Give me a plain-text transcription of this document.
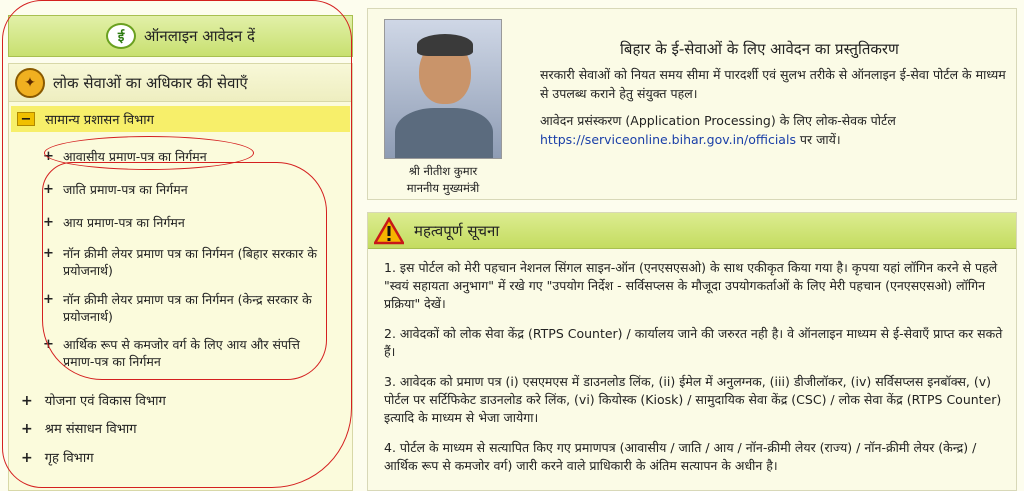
ई	ऑनलाइन आवेदन दें
✦	लोक सेवाओं का अधिकार की सेवाएँ
− सामान्य प्रशासन विभाग
+ आवासीय प्रमाण-पत्र का निर्गमन
+ जाति प्रमाण-पत्र का निर्गमन
+ आय प्रमाण-पत्र का निर्गमन
+ नॉन क्रीमी लेयर प्रमाण पत्र का निर्गमन (बिहार सरकार के प्रयोजनार्थ)
+ नॉन क्रीमी लेयर प्रमाण पत्र का निर्गमन (केन्द्र सरकार के प्रयोजनार्थ)
+ आर्थिक रूप से कमजोर वर्ग के लिए आय और संपत्ति प्रमाण-पत्र का निर्गमन
+ योजना एवं विकास विभाग
+ श्रम संसाधन विभाग
+ गृह विभाग
श्री नीतीश कुमार
माननीय मुख्यमंत्री
बिहार के ई-सेवाओं के लिए आवेदन का प्रस्तुतिकरण

सरकारी सेवाओं को नियत समय सीमा में पारदर्शी एवं सुलभ तरीके से ऑनलाइन ई-सेवा पोर्टल के माध्यम से उपलब्ध कराने हेतु संयुक्त पहल।

आवेदन प्रसंस्करण (Application Processing) के लिए लोक-सेवक पोर्टल
https://serviceonline.bihar.gov.in/officials पर जायें।

महत्वपूर्ण सूचना
1. इस पोर्टल को मेरी पहचान नेशनल सिंगल साइन-ऑन (एनएसएसओ) के साथ एकीकृत किया गया है। कृपया यहां लॉगिन करने से पहले "स्वयं सहायता अनुभाग" में रखे गए "उपयोग निर्देश - सर्विसप्लस के मौजूदा उपयोगकर्ताओं के लिए मेरी पहचान (एनएसएसओ) लॉगिन प्रक्रिया" देखें।
2. आवेदकों को लोक सेवा केंद्र (RTPS Counter) / कार्यालय जाने की जरुरत नही है। वे ऑनलाइन माध्यम से ई-सेवाएँ प्राप्त कर सकते हैं।
3. आवेदक को प्रमाण पत्र (i) एसएमएस में डाउनलोड लिंक, (ii) ईमेल में अनुलग्नक, (iii) डीजीलॉकर, (iv) सर्विसप्लस इनबॉक्स, (v) पोर्टल पर सर्टिफिकेट डाउनलोड करे लिंक, (vi) कियोस्क (Kiosk) / सामुदायिक सेवा केंद्र (CSC) / लोक सेवा केंद्र (RTPS Counter) इत्यादि के माध्यम से भेजा जायेगा।
4. पोर्टल के माध्यम से सत्यापित किए गए प्रमाणपत्र (आवासीय / जाति / आय / नॉन-क्रीमी लेयर (राज्य) / नॉन-क्रीमी लेयर (केन्द्र) / आर्थिक रूप से कमजोर वर्ग) जारी करने वाले प्राधिकारी के अंतिम सत्यापन के अधीन है।
